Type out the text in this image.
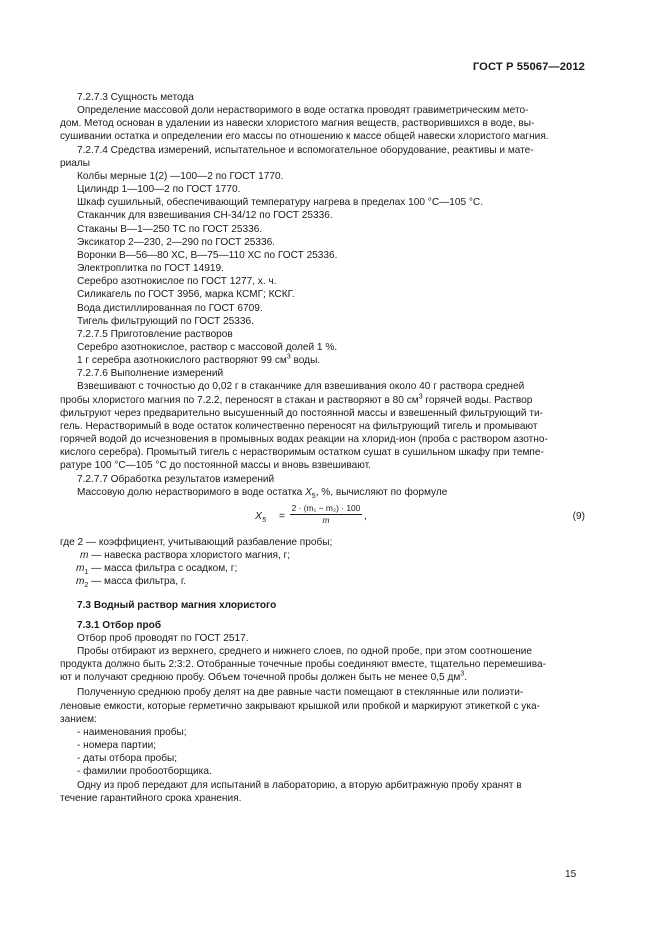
ГОСТ Р 55067—2012

7.2.7.3 Сущность метода

Определение массовой доли нерастворимого в воде остатка проводят гравиметрическим мето-

дом. Метод основан в удалении из навески хлористого магния веществ, растворившихся в воде, вы-

сушивании остатка и определении его массы по отношению к массе общей навески хлористого магния.

7.2.7.4 Средства измерений, испытательное и вспомогательное оборудование, реактивы и мате-

риалы

Колбы мерные 1(2) —100—2 по ГОСТ 1770.

Цилиндр 1—100—2 по ГОСТ 1770.

Шкаф сушильный, обеспечивающий температуру нагрева в пределах 100 °С—105 °С.

Стаканчик для взвешивания СН-34/12 по ГОСТ 25336.

Стаканы В—1—250 ТС по ГОСТ 25336.

Эксикатор 2—230, 2—290 по ГОСТ 25336.

Воронки В—56—80 ХС, В—75—110 ХС по ГОСТ 25336.

Электроплитка по ГОСТ 14919.

Серебро азотнокислое по ГОСТ 1277, х. ч.

Силикагель по ГОСТ 3956, марка КСМГ; КСКГ.

Вода дистиллированная по ГОСТ 6709.

Тигель фильтрующий по ГОСТ 25336.

7.2.7.5 Приготовление растворов

Серебро азотнокислое, раствор с массовой долей 1 %.

1 г серебра азотнокислого растворяют 99 $см^3$ воды.

7.2.7.6 Выполнение измерений

Взвешивают с точностью до 0,02 г в стаканчике для взвешивания около 40 г раствора средней

пробы хлористого магния по 7.2.2, переносят в стакан и растворяют в 80 $см^3$ горячей воды. Раствор

фильтруют через предварительно высушенный до постоянной массы и взвешенный фильтрующий ти-

гель. Нерастворимый в воде остаток количественно переносят на фильтрующий тигель и промывают

горячей водой до исчезновения в промывных водах реакции на хлорид-ион (проба с раствором азотно-

кислого серебра). Промытый тигель с нерастворимым остатком сушат в сушильном шкафу при темпе-

ратуре 100 °С—105 °С до постоянной массы и вновь взвешивают.

7.2.7.7 Обработка результатов измерений

Массовую долю нерастворимого в воде остатка $X_5$, %, вычисляют по формуле

$X_5 = \frac{\text{2 · (m₁ − m₂) · 100}}{m}$ ,	(9)

где 2 — коэффициент, учитывающий разбавление пробы;

m — навеска раствора хлористого магния, г;

$m_1$ — масса фильтра с осадком, г;

$m_2$ — масса фильтра, г.

7.3 Водный раствор магния хлористого

7.3.1 Отбор проб

Отбор проб проводят по ГОСТ 2517.

Пробы отбирают из верхнего, среднего и нижнего слоев, по одной пробе, при этом соотношение

продукта должно быть 2:3:2. Отобранные точечные пробы соединяют вместе, тщательно перемешива-

ют и получают среднюю пробу. Объем точечной пробы должен быть не менее 0,5 $дм^3$.

Полученную среднюю пробу делят на две равные части помещают в стеклянные или полиэти-

леновые емкости, которые герметично закрывают крышкой или пробкой и маркируют этикеткой с ука-

занием:

- наименования пробы;

- номера партии;

- даты отбора пробы;

- фамилии пробоотборщика.

Одну из проб передают для испытаний в лабораторию, а вторую арбитражную пробу хранят в

течение гарантийного срока хранения.

15
